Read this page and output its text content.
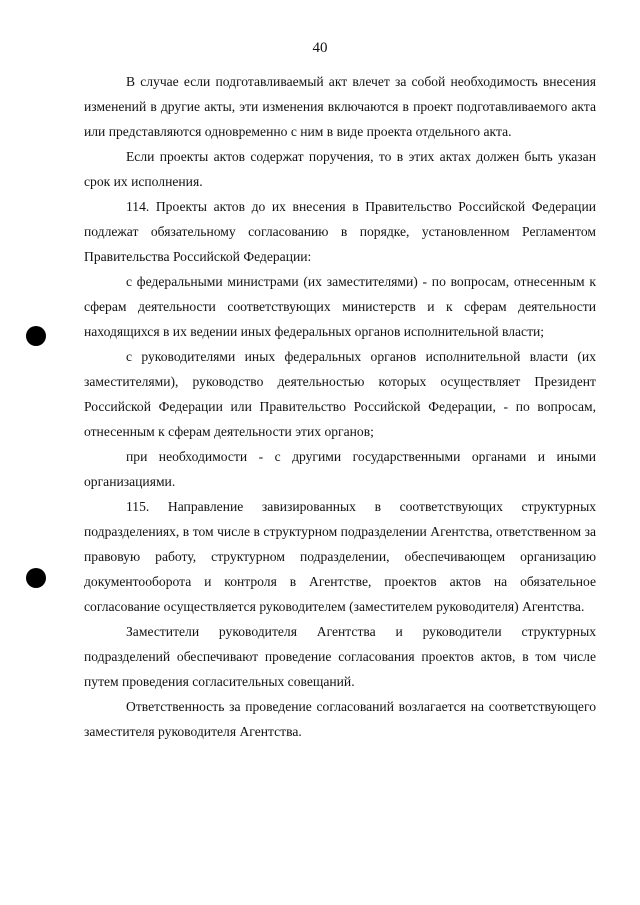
40

В случае если подготавливаемый акт влечет за собой необходимость внесения изменений в другие акты, эти изменения включаются в проект подготавливаемого акта или представляются одновременно с ним в виде проекта отдельного акта.

Если проекты актов содержат поручения, то в этих актах должен быть указан срок их исполнения.

114. Проекты актов до их внесения в Правительство Российской Федерации подлежат обязательному согласованию в порядке, установленном Регламентом Правительства Российской Федерации:

с федеральными министрами (их заместителями) - по вопросам, отнесенным к сферам деятельности соответствующих министерств и к сферам деятельности находящихся в их ведении иных федеральных органов исполнительной власти;

с руководителями иных федеральных органов исполнительной власти (их заместителями), руководство деятельностью которых осуществляет Президент Российской Федерации или Правительство Российской Федерации, - по вопросам, отнесенным к сферам деятельности этих органов;

при необходимости - с другими государственными органами и иными организациями.

115. Направление завизированных в соответствующих структурных подразделениях, в том числе в структурном подразделении Агентства, ответственном за правовую работу, структурном подразделении, обеспечивающем организацию документооборота и контроля в Агентстве, проектов актов на обязательное согласование осуществляется руководителем (заместителем руководителя) Агентства.

Заместители руководителя Агентства и руководители структурных подразделений обеспечивают проведение согласования проектов актов, в том числе путем проведения согласительных совещаний.

Ответственность за проведение согласований возлагается на соответствующего заместителя руководителя Агентства.
